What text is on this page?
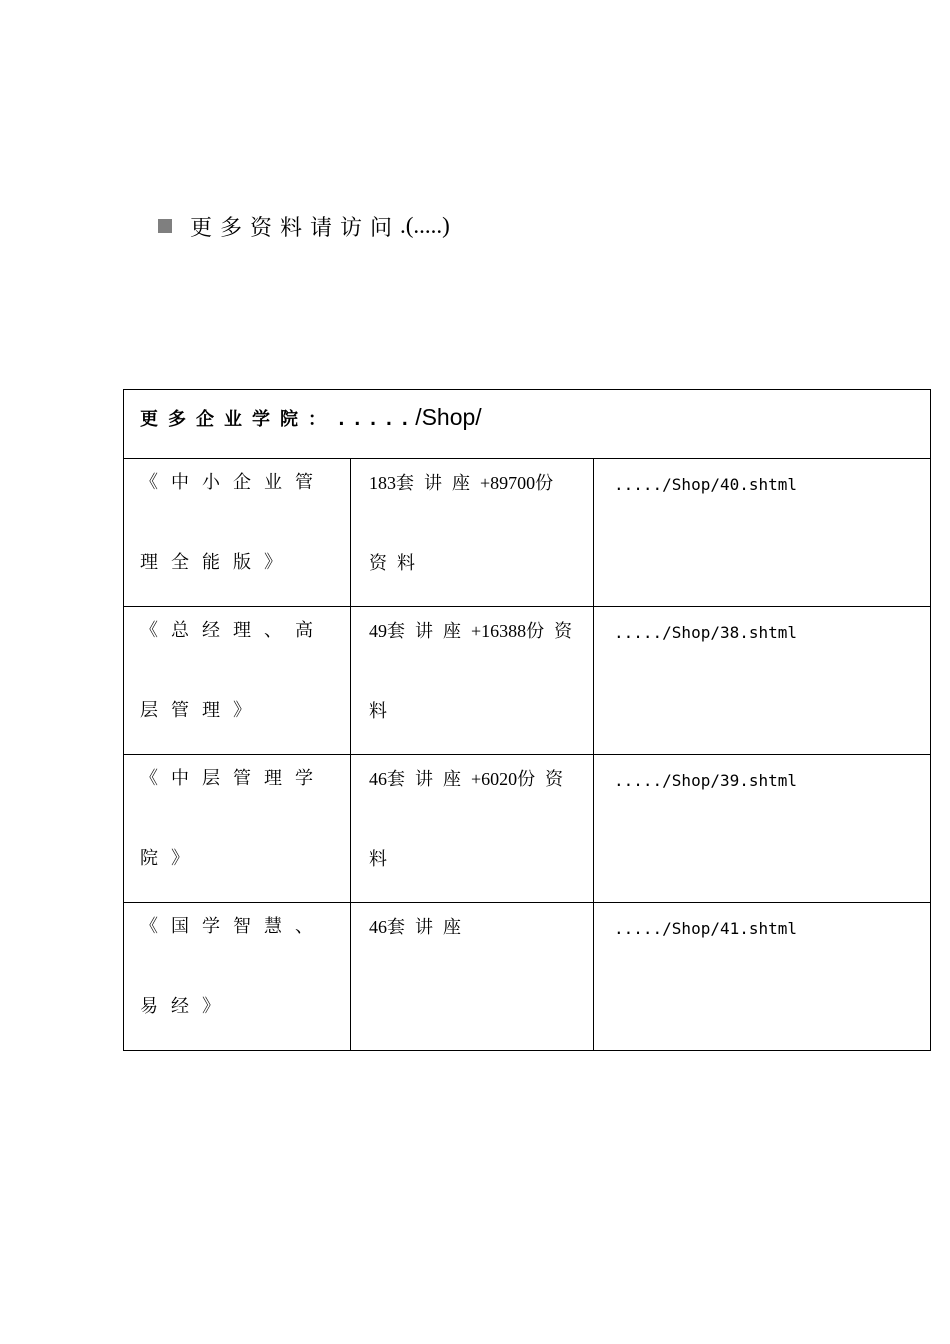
更多资料请访问 .(.....)
更多企业学院： ...../Shop/		

《中小企业管理全能版》	183套讲座+89700份资料	...../Shop/40.shtml

《总经理、高层管理》	49套讲座+16388份资料	...../Shop/38.shtml

《中层管理学院》	46套讲座+6020份资料	...../Shop/39.shtml

《国学智慧、易经》	46套讲座	...../Shop/41.shtml
